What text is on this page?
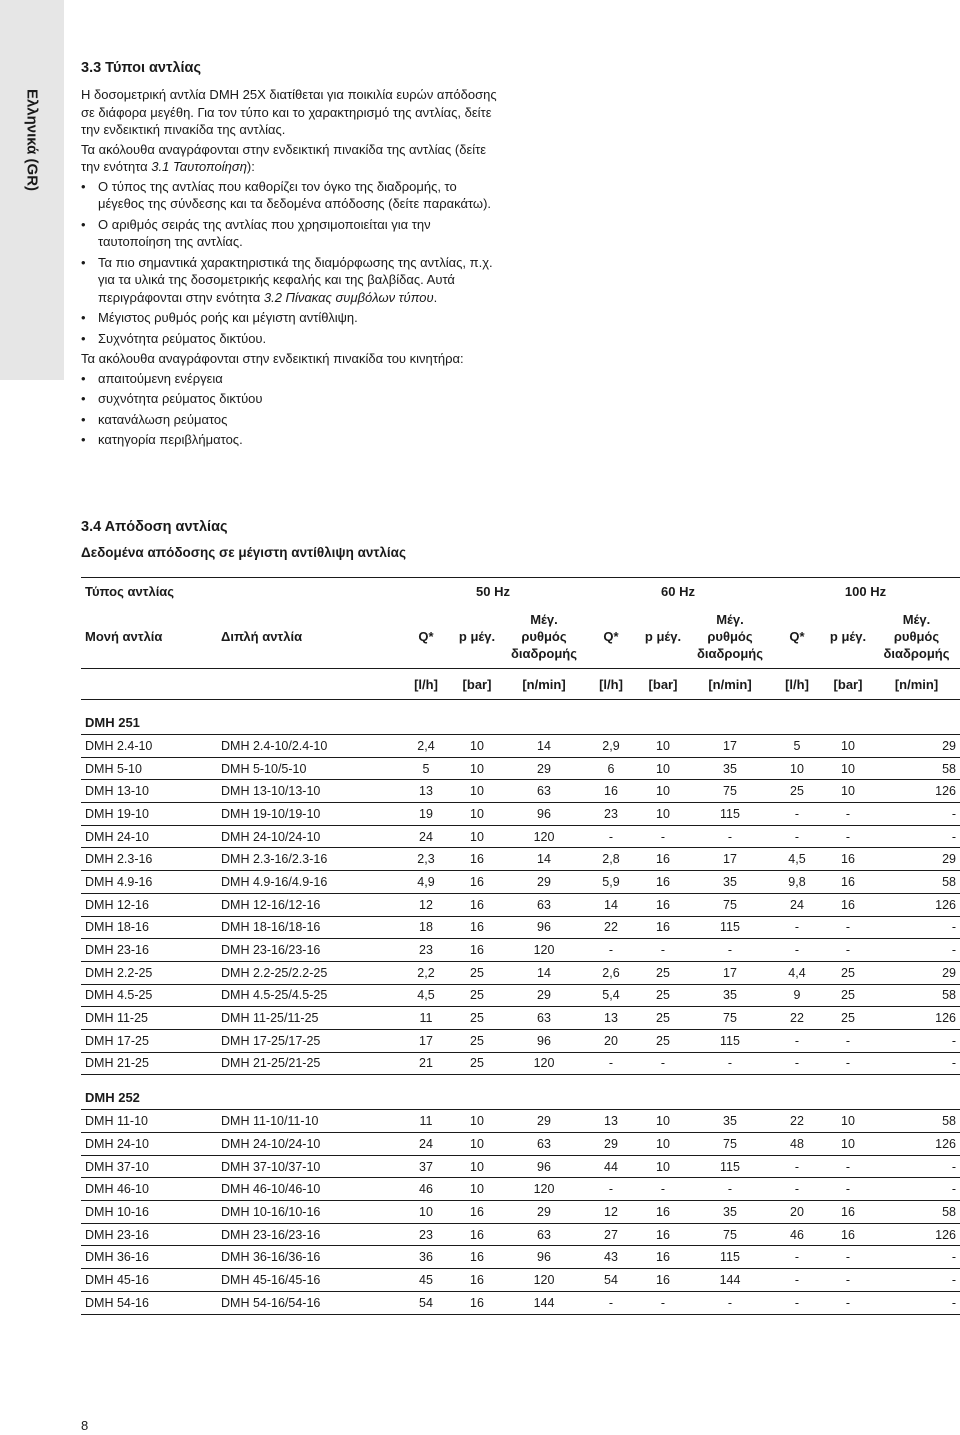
Ελληνικά (GR)
3.3 Τύποι αντλίας
Η δοσομετρική αντλία DMH 25X διατίθεται για ποικιλία ευρών απόδοσης σε διάφορα μεγέθη. Για τον τύπο και το χαρακτηρισμό της αντλίας, δείτε την ενδεικτική πινακίδα της αντλίας.
Τα ακόλουθα αναγράφονται στην ενδεικτική πινακίδα της αντλίας (δείτε την ενότητα 3.1 Ταυτοποίηση):
• Ο τύπος της αντλίας που καθορίζει τον όγκο της διαδρομής, το μέγεθος της σύνδεσης και τα δεδομένα απόδοσης (δείτε παρακάτω).
• Ο αριθμός σειράς της αντλίας που χρησιμοποιείται για την ταυτοποίηση της αντλίας.
• Τα πιο σημαντικά χαρακτηριστικά της διαμόρφωσης της αντλίας, π.χ. για τα υλικά της δοσομετρικής κεφαλής και της βαλβίδας. Αυτά περιγράφονται στην ενότητα 3.2 Πίνακας συμβόλων τύπου.
• Μέγιστος ρυθμός ροής και μέγιστη αντίθλιψη.
• Συχνότητα ρεύματος δικτύου.
Τα ακόλουθα αναγράφονται στην ενδεικτική πινακίδα του κινητήρα:
• απαιτούμενη ενέργεια
• συχνότητα ρεύματος δικτύου
• κατανάλωση ρεύματος
• κατηγορία περιβλήματος.
3.4 Απόδοση αντλίας
Δεδομένα απόδοσης σε μέγιστη αντίθλιψη αντλίας
Τύπος αντλίας		50 Hz			60 Hz			100 Hz		
Μονή αντλία	Διπλή αντλία	Q*	p μέγ.	Μέγ.
ρυθμός
διαδρομής	Q*	p μέγ.	Μέγ.
ρυθμός
διαδρομής	Q*	p μέγ.	Μέγ.
ρυθμός
διαδρομής
		[l/h]	[bar]	[n/min]	[l/h]	[bar]	[n/min]	[l/h]	[bar]	[n/min]
DMH 251										
DMH 2.4-10	DMH 2.4-10/2.4-10	2,4	10	14	2,9	10	17	5	10	29
DMH 5-10	DMH 5-10/5-10	5	10	29	6	10	35	10	10	58
DMH 13-10	DMH 13-10/13-10	13	10	63	16	10	75	25	10	126
DMH 19-10	DMH 19-10/19-10	19	10	96	23	10	115	-	-	-
DMH 24-10	DMH 24-10/24-10	24	10	120	-	-	-	-	-	-
DMH 2.3-16	DMH 2.3-16/2.3-16	2,3	16	14	2,8	16	17	4,5	16	29
DMH 4.9-16	DMH 4.9-16/4.9-16	4,9	16	29	5,9	16	35	9,8	16	58
DMH 12-16	DMH 12-16/12-16	12	16	63	14	16	75	24	16	126
DMH 18-16	DMH 18-16/18-16	18	16	96	22	16	115	-	-	-
DMH 23-16	DMH 23-16/23-16	23	16	120	-	-	-	-	-	-
DMH 2.2-25	DMH 2.2-25/2.2-25	2,2	25	14	2,6	25	17	4,4	25	29
DMH 4.5-25	DMH 4.5-25/4.5-25	4,5	25	29	5,4	25	35	9	25	58
DMH 11-25	DMH 11-25/11-25	11	25	63	13	25	75	22	25	126
DMH 17-25	DMH 17-25/17-25	17	25	96	20	25	115	-	-	-
DMH 21-25	DMH 21-25/21-25	21	25	120	-	-	-	-	-	-
DMH 252										
DMH 11-10	DMH 11-10/11-10	11	10	29	13	10	35	22	10	58
DMH 24-10	DMH 24-10/24-10	24	10	63	29	10	75	48	10	126
DMH 37-10	DMH 37-10/37-10	37	10	96	44	10	115	-	-	-
DMH 46-10	DMH 46-10/46-10	46	10	120	-	-	-	-	-	-
DMH 10-16	DMH 10-16/10-16	10	16	29	12	16	35	20	16	58
DMH 23-16	DMH 23-16/23-16	23	16	63	27	16	75	46	16	126
DMH 36-16	DMH 36-16/36-16	36	16	96	43	16	115	-	-	-
DMH 45-16	DMH 45-16/45-16	45	16	120	54	16	144	-	-	-
DMH 54-16	DMH 54-16/54-16	54	16	144	-	-	-	-	-	-
8
